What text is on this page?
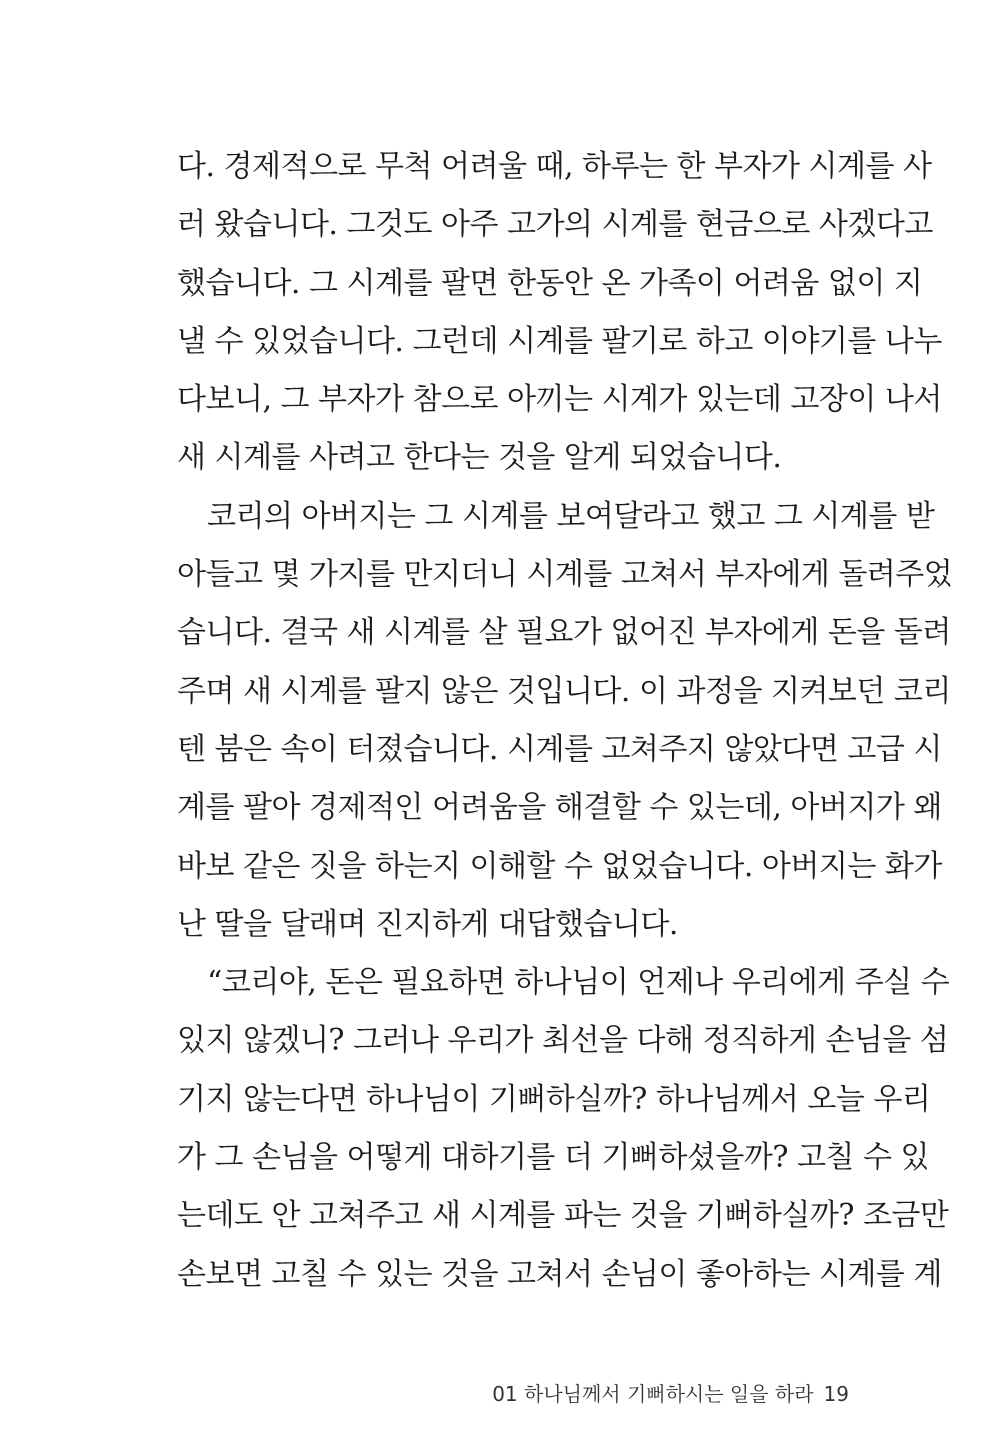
다. 경제적으로 무척 어려울 때, 하루는 한 부자가 시계를 사
러 왔습니다. 그것도 아주 고가의 시계를 현금으로 사겠다고
했습니다. 그 시계를 팔면 한동안 온 가족이 어려움 없이 지
낼 수 있었습니다. 그런데 시계를 팔기로 하고 이야기를 나누
다보니, 그 부자가 참으로 아끼는 시계가 있는데 고장이 나서
새 시계를 사려고 한다는 것을 알게 되었습니다.
코리의 아버지는 그 시계를 보여달라고 했고 그 시계를 받
아들고 몇 가지를 만지더니 시계를 고쳐서 부자에게 돌려주었
습니다. 결국 새 시계를 살 필요가 없어진 부자에게 돈을 돌려
주며 새 시계를 팔지 않은 것입니다. 이 과정을 지켜보던 코리
텐 붐은 속이 터졌습니다. 시계를 고쳐주지 않았다면 고급 시
계를 팔아 경제적인 어려움을 해결할 수 있는데, 아버지가 왜
바보 같은 짓을 하는지 이해할 수 없었습니다. 아버지는 화가
난 딸을 달래며 진지하게 대답했습니다.
“코리야, 돈은 필요하면 하나님이 언제나 우리에게 주실 수
있지 않겠니? 그러나 우리가 최선을 다해 정직하게 손님을 섬
기지 않는다면 하나님이 기뻐하실까? 하나님께서 오늘 우리
가 그 손님을 어떻게 대하기를 더 기뻐하셨을까? 고칠 수 있
는데도 안 고쳐주고 새 시계를 파는 것을 기뻐하실까? 조금만
손보면 고칠 수 있는 것을 고쳐서 손님이 좋아하는 시계를 계
01 하나님께서 기뻐하시는 일을 하라 19
